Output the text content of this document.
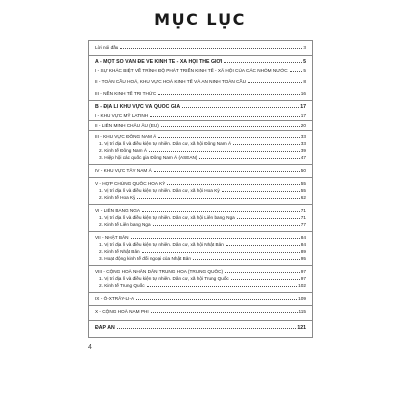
MỤC LỤC
Lời nói đầu	3
A - MỘT SỐ VẤN ĐỀ VỀ KINH TẾ - XÃ HỘI THẾ GIỚI	5
I - SỰ KHÁC BIỆT VỀ TRÌNH ĐỘ PHÁT TRIỂN KINH TẾ - XÃ HỘI CỦA CÁC NHÓM NƯỚC	5
II - TOÀN CẦU HOÁ, KHU VỰC HOÁ KINH TẾ VÀ AN NINH TOÀN CẦU	8
III - NỀN KINH TẾ TRI THỨC	16
B - ĐỊA LÍ KHU VỰC VÀ QUỐC GIA	17
I - KHU VỰC MỸ LATINH	17
II - LIÊN MINH CHÂU ÂU (EU)	20
III - KHU VỰC ĐÔNG NAM Á	33
1. Vị trí địa lí và điều kiện tự nhiên. Dân cư, xã hội Đông Nam Á	33
2. Kinh tế Đông Nam Á	39
3. Hiệp hội các quốc gia Đông Nam Á (ASEAN)	47
IV - KHU VỰC TÂY NAM Á	50
V - HỢP CHỦNG QUỐC HOA KỲ	55
1. Vị trí địa lí và điều kiện tự nhiên. Dân cư, xã hội Hoa Kỳ	55
2. Kinh tế Hoa Kỳ	62
VI - LIÊN BANG NGA	71
1. Vị trí địa lí và điều kiện tự nhiên. Dân cư, xã hội Liên bang Nga	71
2. Kinh tế Liên bang Nga	77
VII - NHẬT BẢN	84
1. Vị trí địa lí và điều kiện tự nhiên. Dân cư, xã hội Nhật Bản	84
2. Kinh tế Nhật Bản	89
3. Hoạt động kinh tế đối ngoại của Nhật Bản	95
VIII - CỘNG HOÀ NHÂN DÂN TRUNG HOA (TRUNG QUỐC)	97
1. Vị trí địa lí và điều kiện tự nhiên. Dân cư, xã hội Trung Quốc	97
2. Kinh tế Trung Quốc	102
IX - Ô-XTRÂY-LI-A	109
X - CỘNG HOÀ NAM PHI	115
ĐÁP ÁN	121
4
